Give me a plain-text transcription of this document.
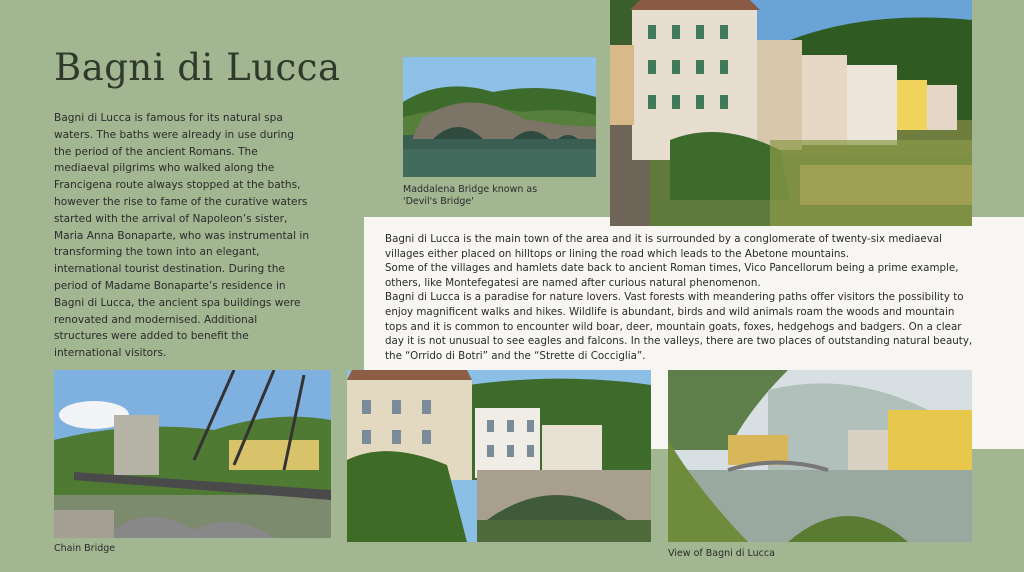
Bagni di Lucca

Bagni di Lucca is famous for its natural spa waters. The baths were already in use during the period of the ancient Romans. The mediaeval pilgrims who walked along the Francigena route always stopped at the baths, however the rise to fame of the curative waters started with the arrival of Napoleon’s sister, Maria Anna Bonaparte, who was instrumental in transforming the town into an elegant, international tourist destination. During the period of Madame Bonaparte’s residence in Bagni di Lucca, the ancient spa buildings were renovated and modernised. Additional structures were added to benefit the international visitors.

Bagni di Lucca is the main town of the area and it is surrounded by a conglomerate of twenty-six mediaeval villages either placed on hilltops or lining the road which leads to the Abetone mountains.

Some of the villages and hamlets date back to ancient Roman times, Vico Pancellorum being a prime example, others, like Montefegatesi are named after curious natural phenomenon.

Bagni di Lucca is a paradise for nature lovers. Vast forests with meandering paths offer visitors the possibility to enjoy magnificent walks and hikes. Wildlife is abundant, birds and wild animals roam the woods and mountain tops and it is common to encounter wild boar, deer, mountain goats, foxes, hedgehogs and badgers. On a clear day it is not unusual to see eagles and falcons. In the valleys, there are two places of outstanding natural beauty, the “Orrido di Botri” and the “Strette di Cocciglia”.

Maddalena Bridge known as 'Devil's Bridge'
Chain Bridge	View of Bagni di Lucca
